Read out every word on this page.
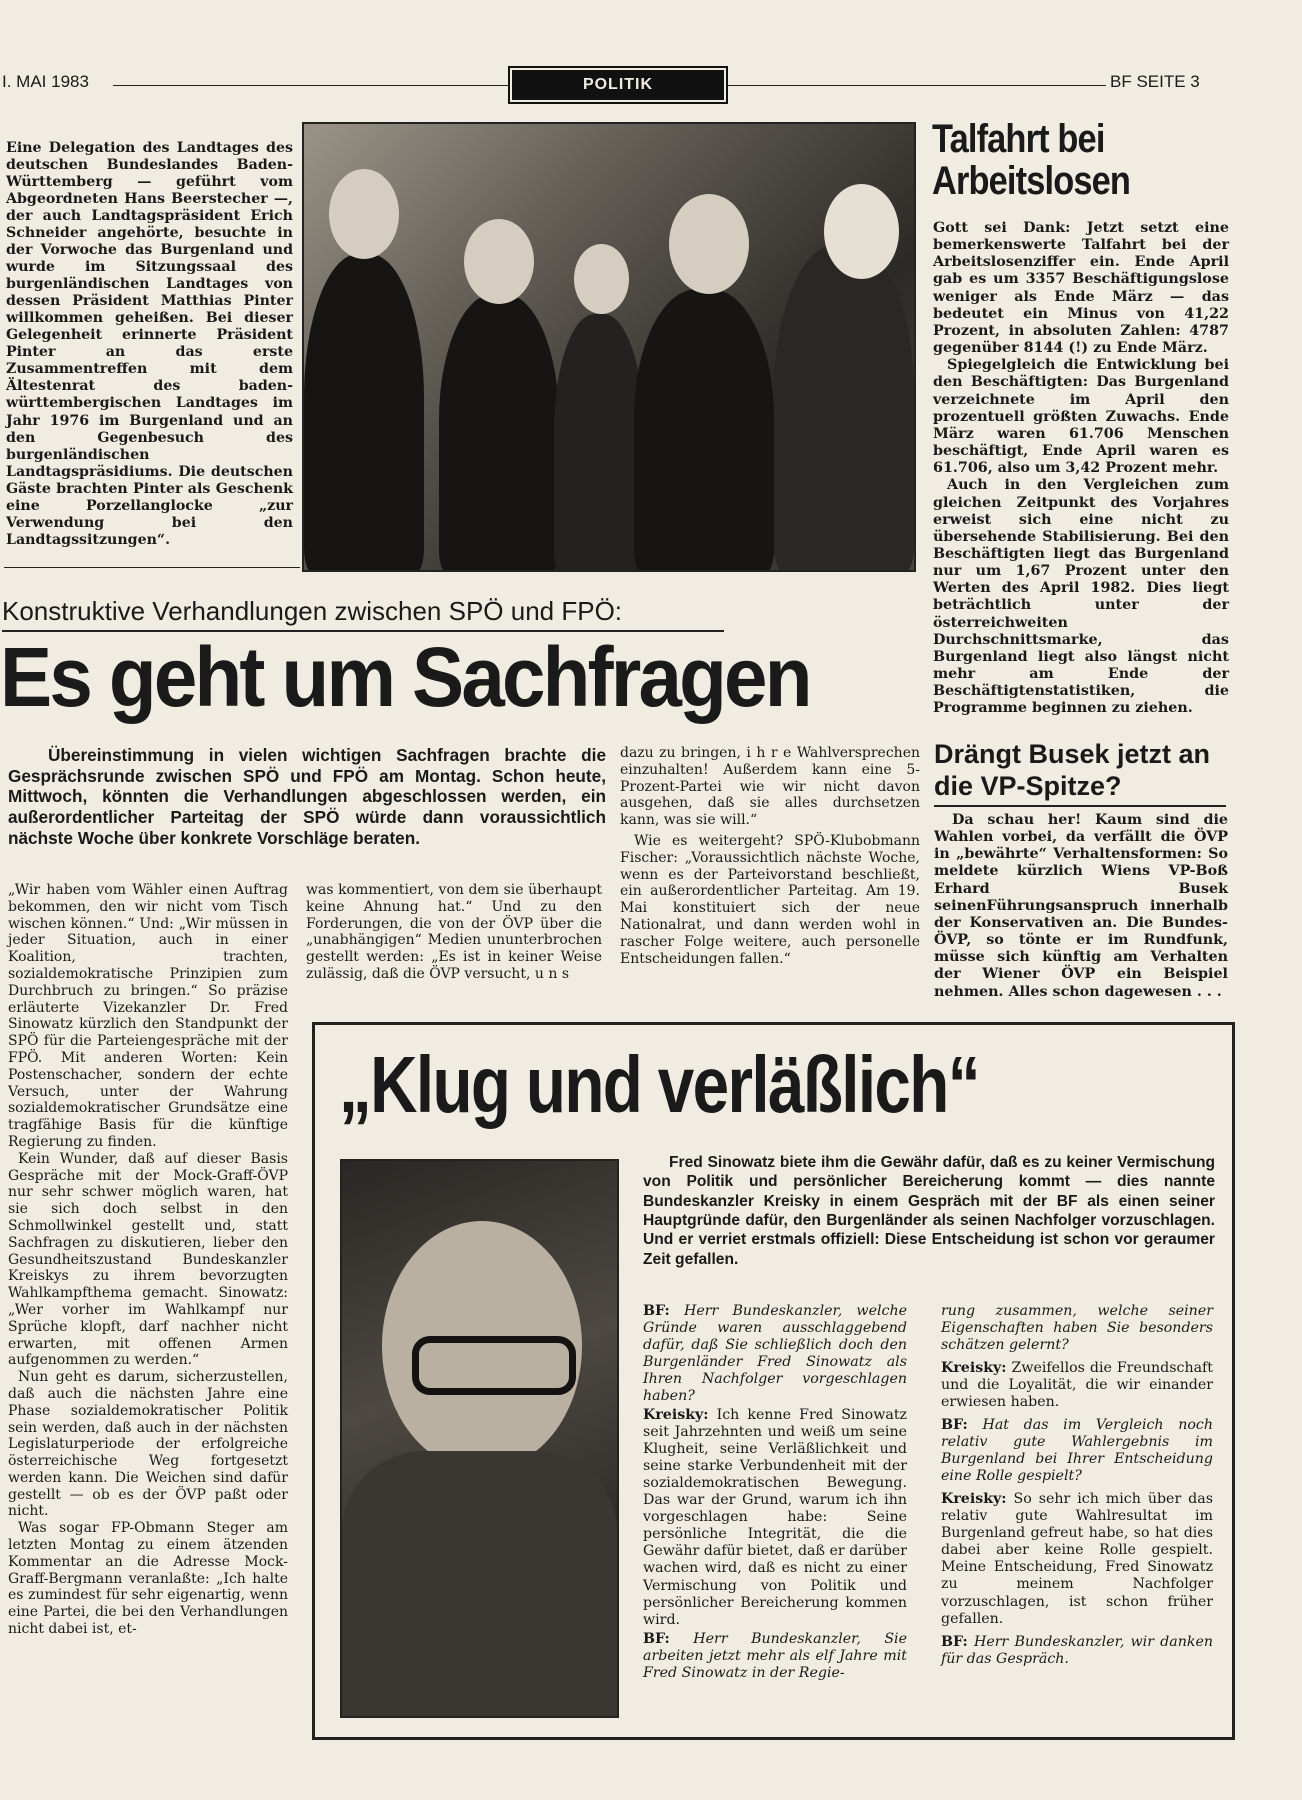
I. MAI 1983	POLITIK	BF SEITE 3
Eine Delegation des Landtages des deutschen Bundeslandes Baden-Württemberg — geführt vom Abgeordneten Hans Beerstecher —, der auch Landtagspräsident Erich Schneider angehörte, besuchte in der Vorwoche das Burgenland und wurde im Sitzungssaal des burgenländischen Landtages von dessen Präsident Matthias Pinter willkommen geheißen. Bei dieser Gelegenheit erinnerte Präsident Pinter an das erste Zusammentreffen mit dem Ältestenrat des baden-württembergischen Landtages im Jahr 1976 im Burgenland und an den Gegenbesuch des burgenländischen Landtagspräsidiums. Die deutschen Gäste brachten Pinter als Geschenk eine Porzellanglocke „zur Verwendung bei den Landtagssitzungen“.
Talfahrt bei Arbeitslosen

Gott sei Dank: Jetzt setzt eine bemerkenswerte Talfahrt bei der Arbeitslosenziffer ein. Ende April gab es um 3357 Beschäftigungslose weniger als Ende März — das bedeutet ein Minus von 41,22 Prozent, in absoluten Zahlen: 4787 gegenüber 8144 (!) zu Ende März.

Spiegelgleich die Entwicklung bei den Beschäftigten: Das Burgenland verzeichnete im April den prozentuell größten Zuwachs. Ende März waren 61.706 Menschen beschäftigt, Ende April waren es 61.706, also um 3,42 Prozent mehr.

Auch in den Vergleichen zum gleichen Zeitpunkt des Vorjahres erweist sich eine nicht zu übersehende Stabilisierung. Bei den Beschäftigten liegt das Burgenland nur um 1,67 Prozent unter den Werten des April 1982. Dies liegt beträchtlich unter der österreichweiten Durchschnittsmarke, das Burgenland liegt also längst nicht mehr am Ende der Beschäftigtenstatistiken, die Programme beginnen zu ziehen.

Drängt Busek jetzt an die VP-Spitze?
Da schau her! Kaum sind die Wahlen vorbei, da verfällt die ÖVP in „bewährte“ Verhaltensformen: So meldete kürzlich Wiens VP-Boß Erhard Busek seinenFührungsanspruch innerhalb der Konservativen an. Die Bundes-ÖVP, so tönte er im Rundfunk, müsse sich künftig am Verhalten der Wiener ÖVP ein Beispiel nehmen. Alles schon dagewesen . . .
Konstruktive Verhandlungen zwischen SPÖ und FPÖ:
Es geht um Sachfragen
Übereinstimmung in vielen wichtigen Sachfragen brachte die Gesprächsrunde zwischen SPÖ und FPÖ am Montag. Schon heute, Mittwoch, könnten die Verhandlungen abgeschlossen werden, ein außerordentlicher Parteitag der SPÖ würde dann voraussichtlich nächste Woche über konkrete Vorschläge beraten.

„Wir haben vom Wähler einen Auftrag bekommen, den wir nicht vom Tisch wischen können.“ Und: „Wir müssen in jeder Situation, auch in einer Koalition, trachten, sozialdemokratische Prinzipien zum Durchbruch zu bringen.“ So präzise erläuterte Vizekanzler Dr. Fred Sinowatz kürzlich den Standpunkt der SPÖ für die Parteiengespräche mit der FPÖ. Mit anderen Worten: Kein Postenschacher, sondern der echte Versuch, unter der Wahrung sozialdemokratischer Grundsätze eine tragfähige Basis für die künftige Regierung zu finden.

Kein Wunder, daß auf dieser Basis Gespräche mit der Mock-Graff-ÖVP nur sehr schwer möglich waren, hat sie sich doch selbst in den Schmollwinkel gestellt und, statt Sachfragen zu diskutieren, lieber den Gesundheitszustand Bundeskanzler Kreiskys zu ihrem bevorzugten Wahlkampfthema gemacht. Sinowatz: „Wer vorher im Wahlkampf nur Sprüche klopft, darf nachher nicht erwarten, mit offenen Armen aufgenommen zu werden.“

Nun geht es darum, sicherzustellen, daß auch die nächsten Jahre eine Phase sozialdemokratischer Politik sein werden, daß auch in der nächsten Legislaturperiode der erfolgreiche österreichische Weg fortgesetzt werden kann. Die Weichen sind dafür gestellt — ob es der ÖVP paßt oder nicht.

Was sogar FP-Obmann Steger am letzten Montag zu einem ätzenden Kommentar an die Adresse Mock-Graff-Bergmann veranlaßte: „Ich halte es zumindest für sehr eigenartig, wenn eine Partei, die bei den Verhandlungen nicht dabei ist, et-

was kommentiert, von dem sie überhaupt keine Ahnung hat.“ Und zu den Forderungen, die von der ÖVP über die „unabhängigen“ Medien ununterbrochen gestellt werden: „Es ist in keiner Weise zulässig, daß die ÖVP versucht, u n s

dazu zu bringen, i h r e Wahlversprechen einzuhalten! Außerdem kann eine 5-Prozent-Partei wie wir nicht davon ausgehen, daß sie alles durchsetzen kann, was sie will.“

Wie es weitergeht? SPÖ-Klubobmann Fischer: „Voraussichtlich nächste Woche, wenn es der Parteivorstand beschließt, ein außerordentlicher Parteitag. Am 19. Mai konstituiert sich der neue Nationalrat, und dann werden wohl in rascher Folge weitere, auch personelle Entscheidungen fallen.“

„Klug und verläßlich“
Fred Sinowatz biete ihm die Gewähr dafür, daß es zu keiner Vermischung von Politik und persönlicher Bereicherung kommt — dies nannte Bundeskanzler Kreisky in einem Gespräch mit der BF als einen seiner Hauptgründe dafür, den Burgenländer als seinen Nachfolger vorzuschlagen. Und er verriet erstmals offiziell: Diese Entscheidung ist schon vor geraumer Zeit gefallen.

BF: Herr Bundeskanzler, welche Gründe waren ausschlaggebend dafür, daß Sie schließlich doch den Burgenländer Fred Sinowatz als Ihren Nachfolger vorgeschlagen haben?

Kreisky: Ich kenne Fred Sinowatz seit Jahrzehnten und weiß um seine Klugheit, seine Verläßlichkeit und seine starke Verbundenheit mit der sozialdemokratischen Bewegung. Das war der Grund, warum ich ihn vorgeschlagen habe: Seine persönliche Integrität, die die Gewähr dafür bietet, daß er darüber wachen wird, daß es nicht zu einer Vermischung von Politik und persönlicher Bereicherung kommen wird.

BF: Herr Bundeskanzler, Sie arbeiten jetzt mehr als elf Jahre mit Fred Sinowatz in der Regie-

rung zusammen, welche seiner Eigenschaften haben Sie besonders schätzen gelernt?

Kreisky: Zweifellos die Freundschaft und die Loyalität, die wir einander erwiesen haben.

BF: Hat das im Vergleich noch relativ gute Wahlergebnis im Burgenland bei Ihrer Entscheidung eine Rolle gespielt?

Kreisky: So sehr ich mich über das relativ gute Wahlresultat im Burgenland gefreut habe, so hat dies dabei aber keine Rolle gespielt. Meine Entscheidung, Fred Sinowatz zu meinem Nachfolger vorzuschlagen, ist schon früher gefallen.

BF: Herr Bundeskanzler, wir danken für das Gespräch.
